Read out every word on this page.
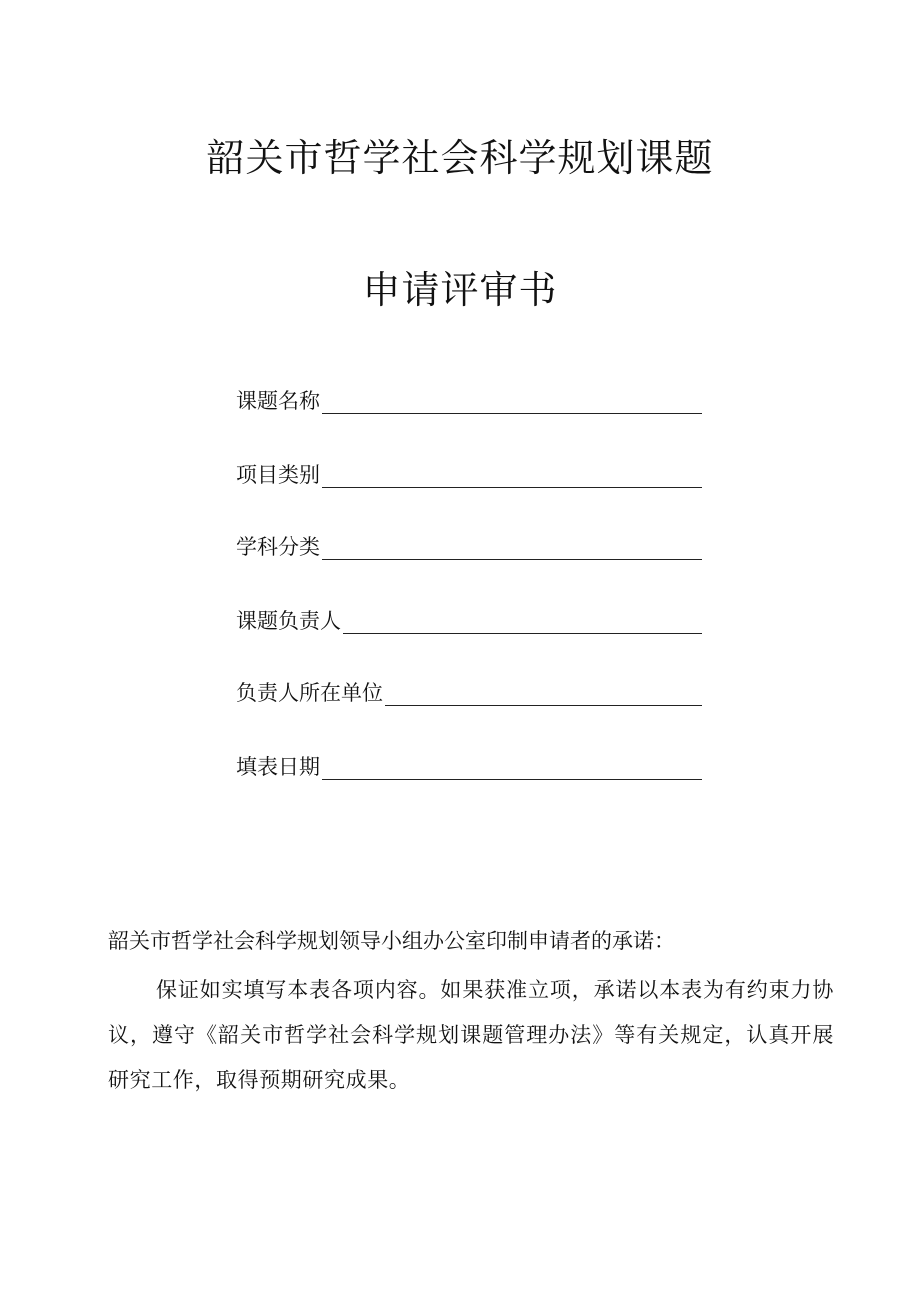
韶关市哲学社会科学规划课题
申请评审书
课题名称
项目类别
学科分类
课题负责人
负责人所在单位
填表日期

韶关市哲学社会科学规划领导小组办公室印制申请者的承诺：

保证如实填写本表各项内容。如果获准立项，承诺以本表为有约束力协议，遵守《韶关市哲学社会科学规划课题管理办法》等有关规定，认真开展研究工作，取得预期研究成果。
